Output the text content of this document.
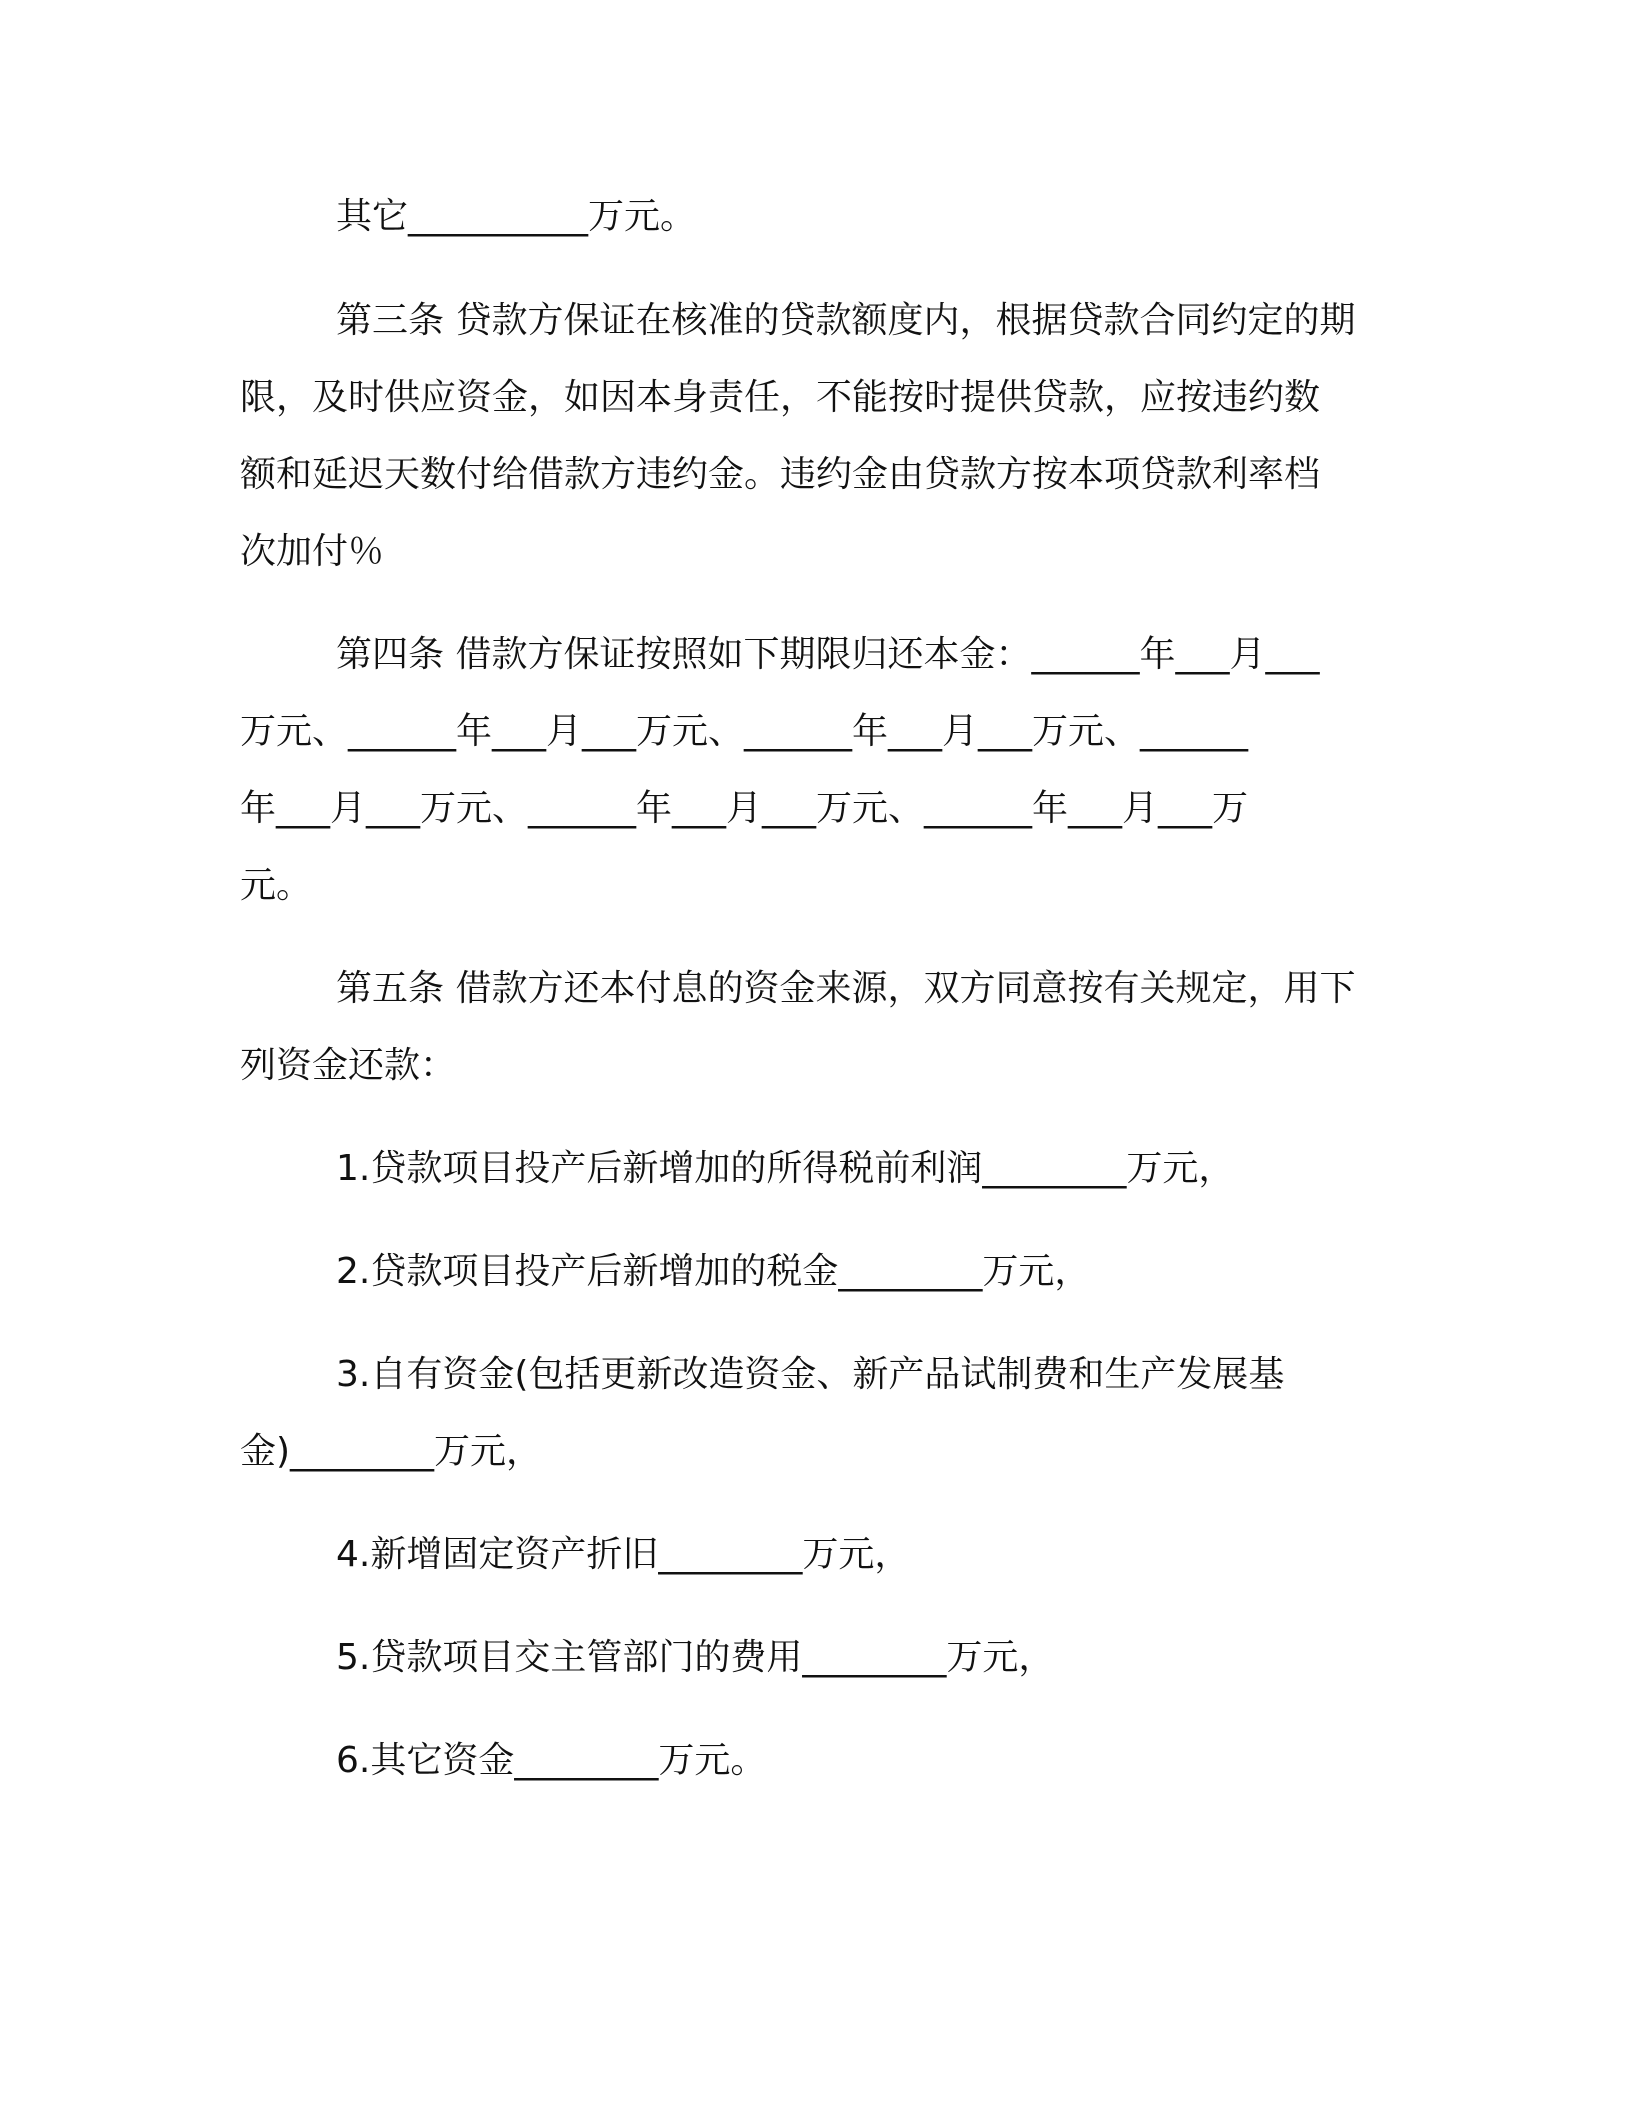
其它__________万元。

第三条 贷款方保证在核准的贷款额度内，根据贷款合同约定的期

限，及时供应资金，如因本身责任，不能按时提供贷款，应按违约数

额和延迟天数付给借款方违约金。违约金由贷款方按本项贷款利率档

次加付％

第四条 借款方保证按照如下期限归还本金：______年___月___

万元、______年___月___万元、______年___月___万元、______

年___月___万元、______年___月___万元、______年___月___万

元。

第五条 借款方还本付息的资金来源，双方同意按有关规定，用下

列资金还款：

1.贷款项目投产后新增加的所得税前利润________万元，

2.贷款项目投产后新增加的税金________万元，

3.自有资金(包括更新改造资金、新产品试制费和生产发展基

金)________万元，

4.新增固定资产折旧________万元，

5.贷款项目交主管部门的费用________万元，

6.其它资金________万元。
